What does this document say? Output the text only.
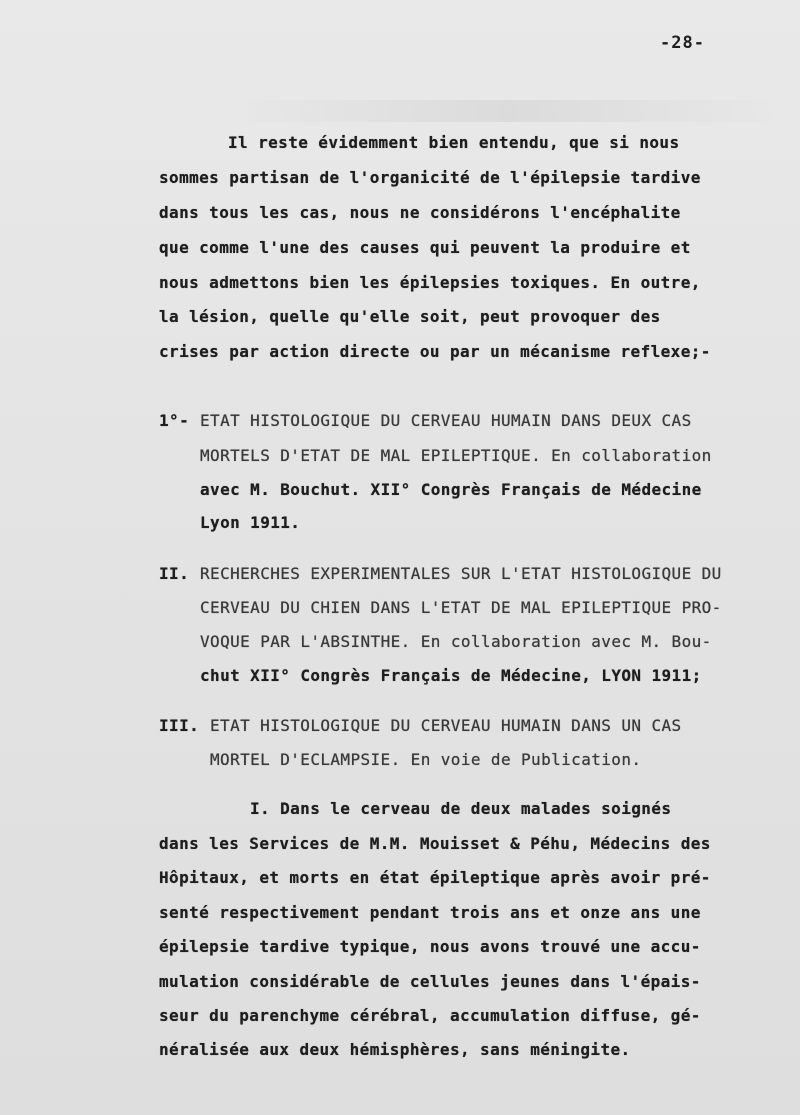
-28-
Il reste évidemment bien entendu, que si nous
sommes partisan de l'organicité de l'épilepsie tardive
dans tous les cas, nous ne considérons l'encéphalite
que comme l'une des causes qui peuvent la produire et
nous admettons bien les épilepsies toxiques. En outre,
la lésion, quelle qu'elle soit, peut provoquer des
crises par action directe ou par un mécanisme reflexe;-
1°- ETAT HISTOLOGIQUE DU CERVEAU HUMAIN DANS DEUX CAS
MORTELS D'ETAT DE MAL EPILEPTIQUE. En collaboration
avec M. Bouchut. XII° Congrès Français de Médecine
Lyon 1911.
II. RECHERCHES EXPERIMENTALES SUR L'ETAT HISTOLOGIQUE DU
CERVEAU DU CHIEN DANS L'ETAT DE MAL EPILEPTIQUE PRO-
VOQUE PAR L'ABSINTHE. En collaboration avec M. Bou-
chut XII° Congrès Français de Médecine, LYON 1911;
III. ETAT HISTOLOGIQUE DU CERVEAU HUMAIN DANS UN CAS
MORTEL D'ECLAMPSIE. En voie de Publication.
I. Dans le cerveau de deux malades soignés
dans les Services de M.M. Mouisset & Péhu, Médecins des
Hôpitaux, et morts en état épileptique après avoir pré-
senté respectivement pendant trois ans et onze ans une
épilepsie tardive typique, nous avons trouvé une accu-
mulation considérable de cellules jeunes dans l'épais-
seur du parenchyme cérébral, accumulation diffuse, gé-
néralisée aux deux hémisphères, sans méningite.
